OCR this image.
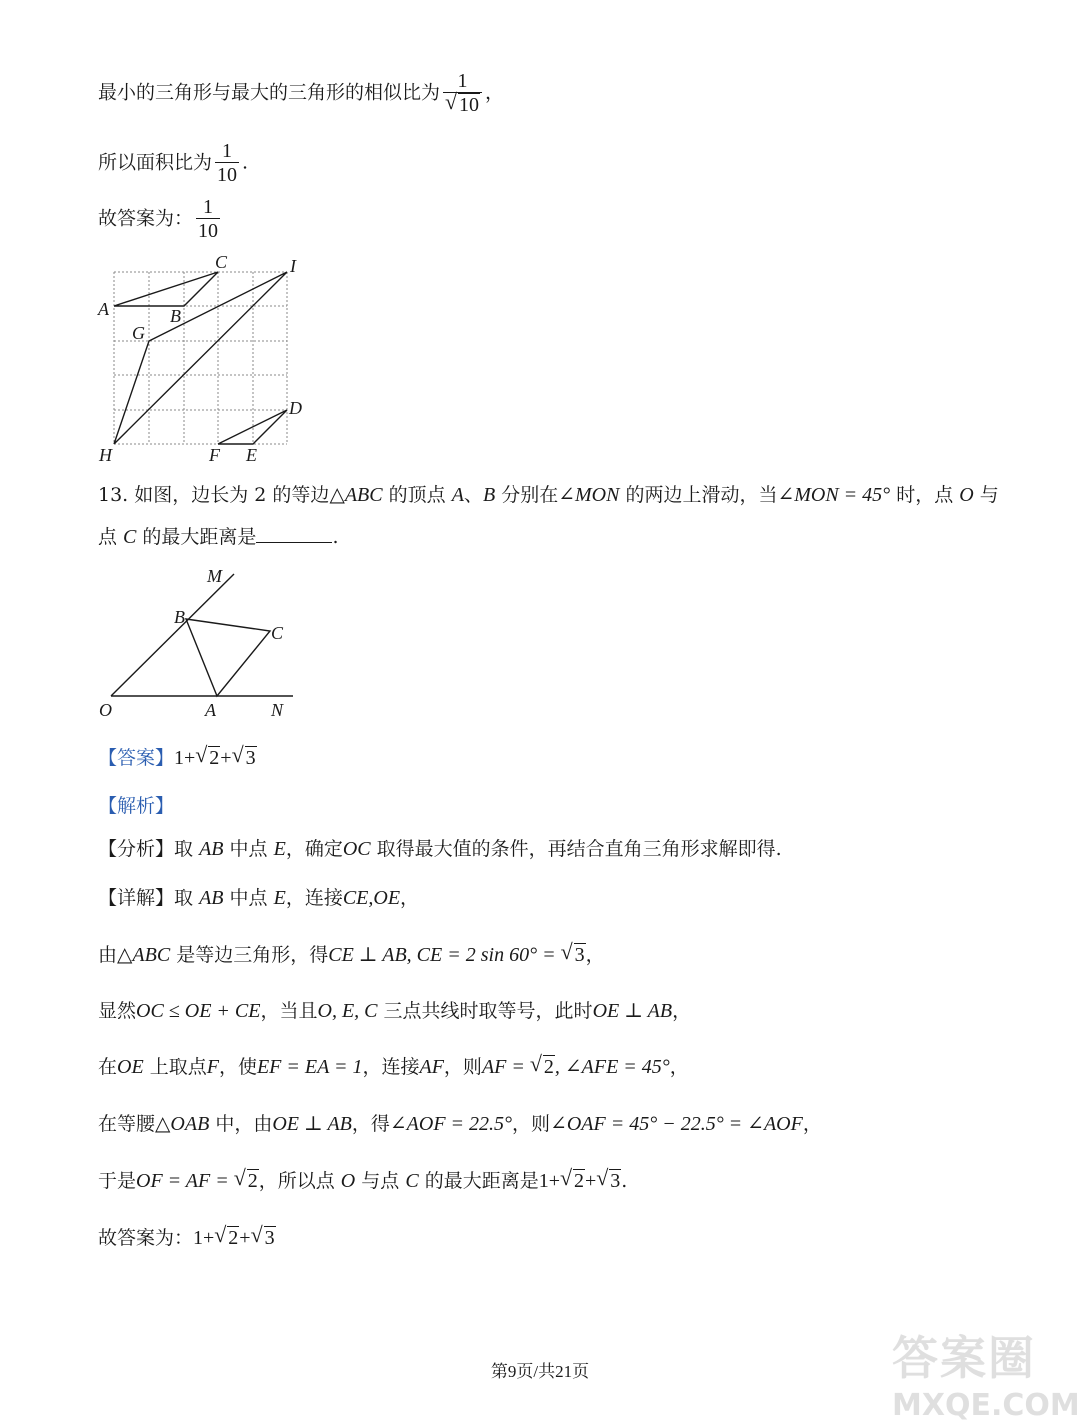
最小的三角形与最大的三角形的相似比为 1
√ 10 ，
所以面积比为 $\frac{1}{10}$ .
故答案为： $\frac{1}{10}$
A	B
C	I
G
D
H	F E
13. 如图，边长为 2 的等边△ABC 的顶点 A、B 分别在∠MON 的两边上滑动，当∠MON = 45° 时，点 O 与
点 C 的最大距离是	.
M
B
C
O	A	N
【答案】1+ √ 2+ √ 3
【解析】
【分析】取 AB 中点 E，确定OC 取得最大值的条件，再结合直角三角形求解即得.
【详解】取 AB 中点 E，连接CE,OE，
由△ABC 是等边三角形，得CE ⊥ AB, CE = 2 sin 60° = √ 3，
显然OC ≤ OE + CE，当且O, E, C 三点共线时取等号，此时OE ⊥ AB，
在OE 上取点F，使EF = EA = 1，连接AF，则AF = √ 2, ∠AFE = 45°，
在等腰△OAB 中，由OE ⊥ AB，得∠AOF = 22.5°，则∠OAF = 45° − 22.5° = ∠AOF，
于是OF = AF = √ 2，所以点 O 与点 C 的最大距离是1+ √ 2+ √ 3.
故答案为：1+ √ 2+ √ 3
第9页/共21页	答案圈
MXQE.COM
